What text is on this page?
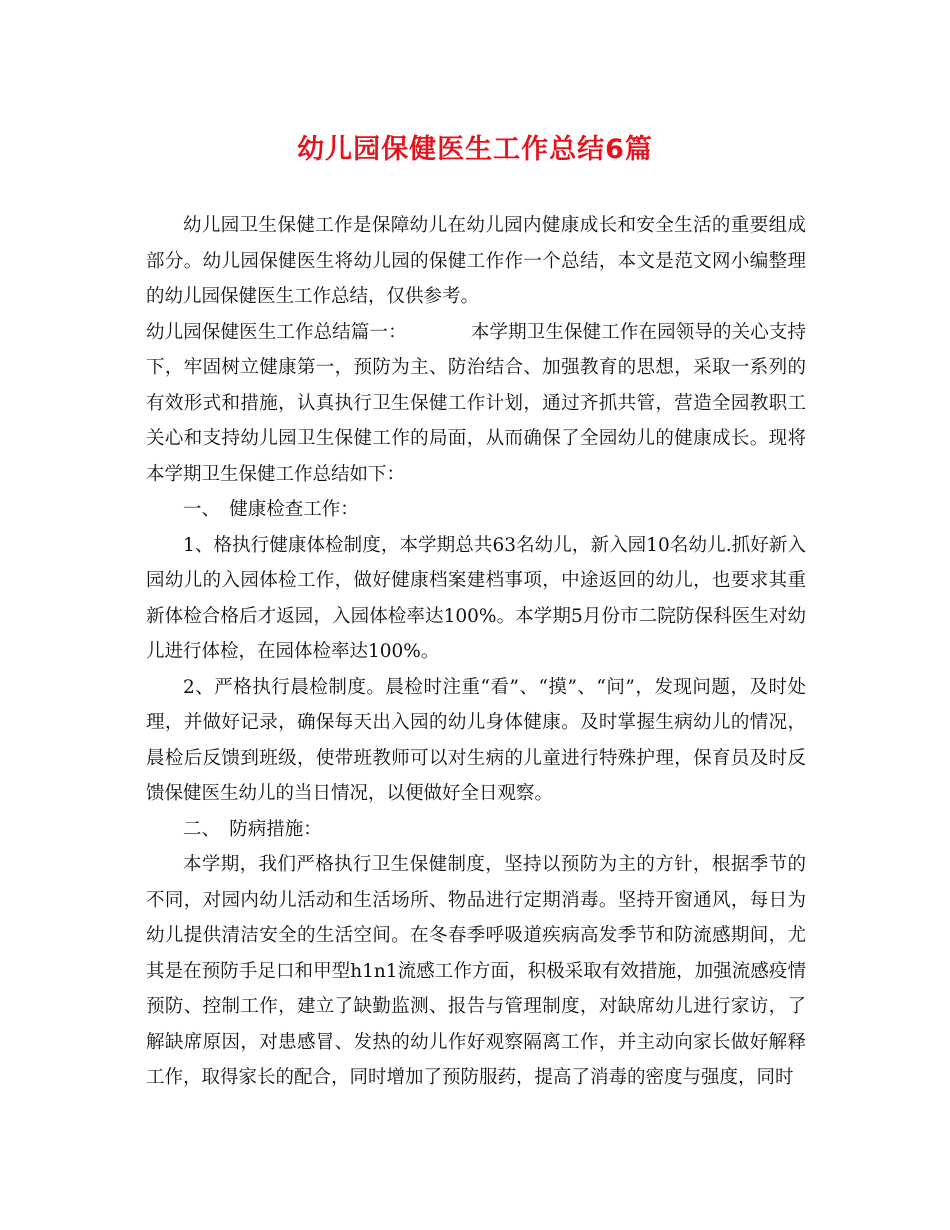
幼儿园保健医生工作总结6篇

幼儿园卫生保健工作是保障幼儿在幼儿园内健康成长和安全生活的重要组成部分。幼儿园保健医生将幼儿园的保健工作作一个总结，本文是范文网小编整理的幼儿园保健医生工作总结，仅供参考。

幼儿园保健医生工作总结篇一：	本学期卫生保健工作在园领导的关心支持下，牢固树立健康第一，预防为主、防治结合、加强教育的思想，采取一系列的有效形式和措施，认真执行卫生保健工作计划，通过齐抓共管，营造全园教职工关心和支持幼儿园卫生保健工作的局面，从而确保了全园幼儿的健康成长。现将本学期卫生保健工作总结如下：

一、　健康检查工作：

1、格执行健康体检制度，本学期总共63名幼儿，新入园10名幼儿.抓好新入园幼儿的入园体检工作，做好健康档案建档事项，中途返回的幼儿，也要求其重新体检合格后才返园，入园体检率达100%。本学期5月份市二院防保科医生对幼儿进行体检，在园体检率达100%。

2、严格执行晨检制度。晨检时注重“看”、“摸”、“问”，发现问题，及时处理，并做好记录，确保每天出入园的幼儿身体健康。及时掌握生病幼儿的情况，晨检后反馈到班级，使带班教师可以对生病的儿童进行特殊护理，保育员及时反馈保健医生幼儿的当日情况，以便做好全日观察。

二、　防病措施：

本学期，我们严格执行卫生保健制度，坚持以预防为主的方针，根据季节的不同，对园内幼儿活动和生活场所、物品进行定期消毒。坚持开窗通风，每日为幼儿提供清洁安全的生活空间。在冬春季呼吸道疾病高发季节和防流感期间，尤其是在预防手足口和甲型h1n1流感工作方面，积极采取有效措施，加强流感疫情预防、控制工作，建立了缺勤监测、报告与管理制度，对缺席幼儿进行家访，了解缺席原因，对患感冒、发热的幼儿作好观察隔离工作，并主动向家长做好解释工作，取得家长的配合，同时增加了预防服药，提高了消毒的密度与强度，同时
